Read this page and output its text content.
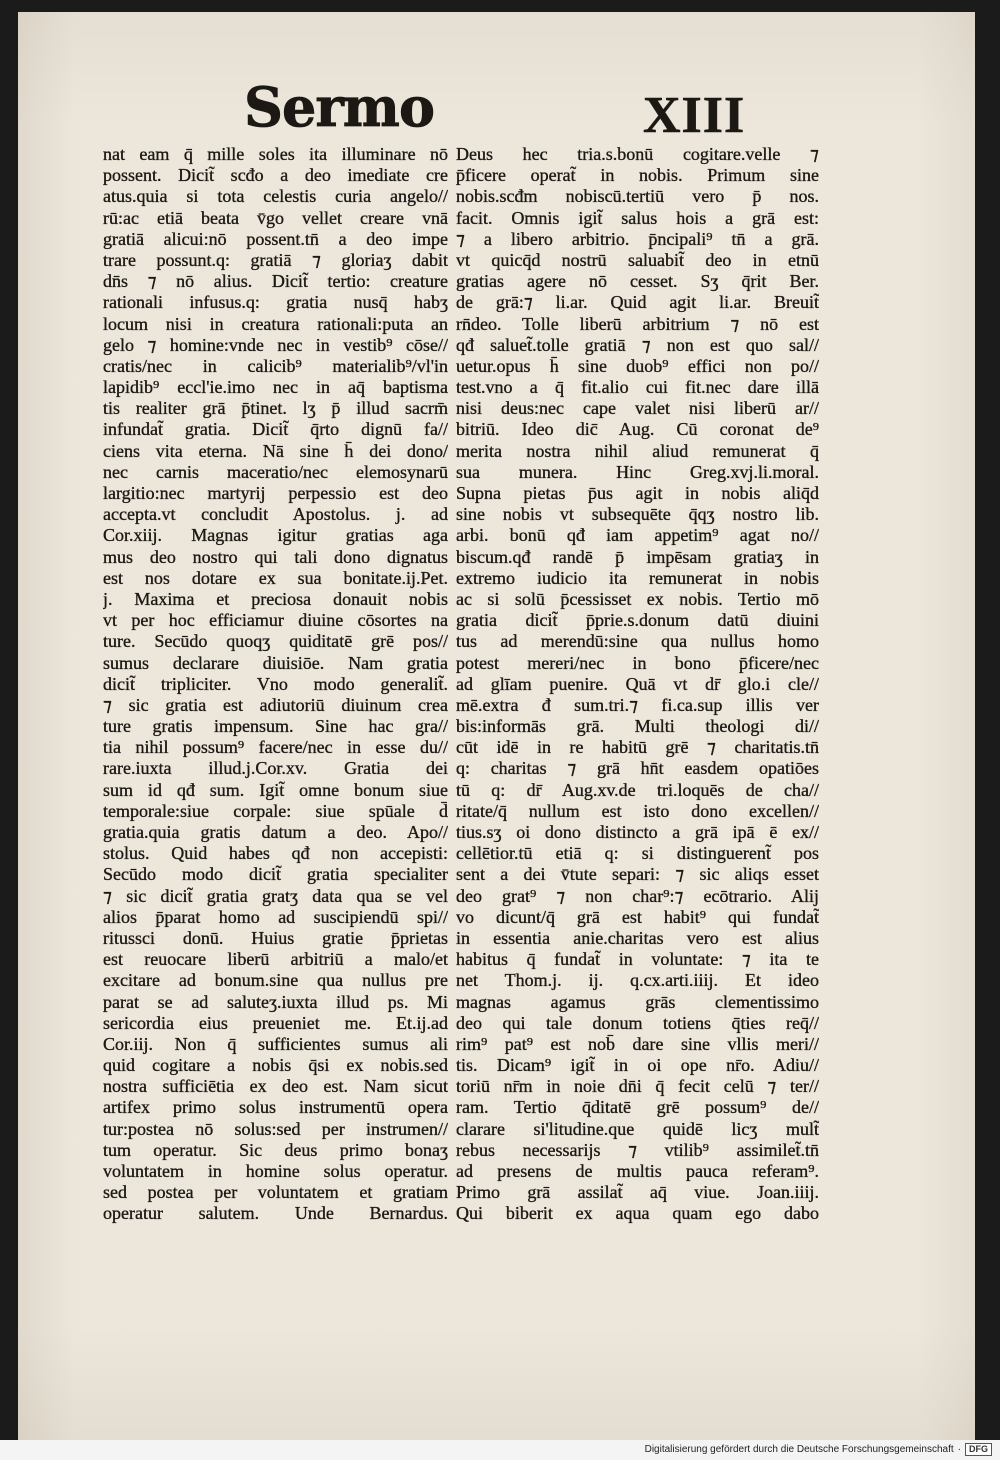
Sermo	XIII
nat eam q̄ mille soles ita illuminare nō
possent. Dicit̃ scđo a deo imediate cre
atus.quia si tota celestis curia angelo//
rū:ac etiā beata v̄go vellet creare vnā
gratiā alicui:nō possent.tn̄ a deo impe
trare possunt.q: gratiā ⁊ gloriaʒ dabit
dn̄s ⁊ nō alius. Dicit̃ tertio: creature
rationali infusus.q: gratia nusq̄ habʒ
locum nisi in creatura rationali:puta an
gelo ⁊ homine:vnde nec in vestib⁹ cōse//
cratis/nec in calicib⁹ materialib⁹/vl'in
lapidib⁹ eccl'ie.imo nec in aq̄ baptisma
tis realiter grā p̄tinet. lʒ p̄ illud sacrm̄
infundat̃ gratia. Dicit̃ q̄rto dignū fa//
ciens vita eterna. Nā sine h̄ dei dono/
nec carnis maceratio/nec elemosynarū
largitio:nec martyrij perpessio est deo
accepta.vt concludit Apostolus. j. ad
Cor.xiij. Magnas igitur gratias aga
mus deo nostro qui tali dono dignatus
est nos dotare ex sua bonitate.ij.Pet.
j. Maxima et preciosa donauit nobis
vt per hoc efficiamur diuine cōsortes na
ture. Secūdo quoqʒ quiditatē grē pos//
sumus declarare diuisiōe. Nam gratia
dicit̃ tripliciter. Vno modo generalit̃.
⁊ sic gratia est adiutoriū diuinum crea
ture gratis impensum. Sine hac gra//
tia nihil possum⁹ facere/nec in esse du//
rare.iuxta illud.j.Cor.xv. Gratia dei
sum id qđ sum. Igit̃ omne bonum siue
temporale:siue corpale: siue spūale d̄
gratia.quia gratis datum a deo. Apo//
stolus. Quid habes qđ non accepisti:
Secūdo modo dicit̃ gratia specialiter
⁊ sic dicit̃ gratia gratʒ data qua se vel
alios p̄parat homo ad suscipiendū spi//
ritussci donū. Huius gratie p̄prietas
est reuocare liberū arbitriū a malo/et
excitare ad bonum.sine qua nullus pre
parat se ad saluteʒ.iuxta illud ps. Mi
sericordia eius preueniet me. Et.ij.ad
Cor.iij. Non q̄ sufficientes sumus ali
quid cogitare a nobis q̄si ex nobis.sed
nostra sufficiētia ex deo est. Nam sicut
artifex primo solus instrumentū opera
tur:postea nō solus:sed per instrumen//
tum operatur. Sic deus primo bonaʒ
voluntatem in homine solus operatur.
sed postea per voluntatem et gratiam
operatur salutem. Unde Bernardus.
Deus hec tria.s.bonū cogitare.velle ⁊
p̄ficere operat̃ in nobis. Primum sine
nobis.scđm nobiscū.tertiū vero p̄ nos.
facit. Omnis igit̃ salus hois a grā est:
⁊ a libero arbitrio. p̄ncipali⁹ tn̄ a grā.
vt quicq̄d nostrū saluabit̃ deo in etnū
gratias agere nō cesset. Sʒ q̄rit Ber.
de grā:⁊ li.ar. Quid agit li.ar. Breuit̃
rn̄deo. Tolle liberū arbitrium ⁊ nō est
qđ saluet̃.tolle gratiā ⁊ non est quo sal//
uetur.opus h̄ sine duob⁹ effici non po//
test.vno a q̄ fit.alio cui fit.nec dare illā
nisi deus:nec cape valet nisi liberū ar//
bitriū. Ideo dic̄ Aug. Cū coronat de⁹
merita nostra nihil aliud remunerat q̄
sua munera. Hinc Greg.xvj.li.moral.
Supna pietas p̄us agit in nobis aliq̄d
sine nobis vt subsequēte q̄qʒ nostro lib.
arbi. bonū qđ iam appetim⁹ agat no//
biscum.qđ randē p̄ impēsam gratiaʒ in
extremo iudicio ita remunerat in nobis
ac si solū p̄cessisset ex nobis. Tertio mō
gratia dicit̃ p̄prie.s.donum datū diuini
tus ad merendū:sine qua nullus homo
potest mereri/nec in bono p̄ficere/nec
ad glīam puenire. Quā vt dr̄ glo.i cle//
mē.extra đ sum.tri.⁊ fi.ca.sup illis ver
bis:informās grā. Multi theologi di//
cūt idē in re habitū grē ⁊ charitatis.tn̄
q: charitas ⁊ grā hn̄t easdem opatiōes
tū q: dr̄ Aug.xv.de tri.loquēs de cha//
ritate/q̄ nullum est isto dono excellen//
tius.sʒ oi dono distincto a grā ipā ē ex//
cellētior.tū etiā q: si distinguerent̃ pos
sent a dei v̄tute separi: ⁊ sic aliqs esset
deo grat⁹ ⁊ non char⁹:⁊ ecōtrario. Alij
vo dicunt/q̄ grā est habit⁹ qui fundat̃
in essentia anie.charitas vero est alius
habitus q̄ fundat̃ in voluntate: ⁊ ita te
net Thom.j. ij. q.cx.arti.iiij. Et ideo
magnas agamus grās clementissimo
deo qui tale donum totiens q̄ties req̄//
rim⁹ pat⁹ est nob̄ dare sine vllis meri//
tis. Dicam⁹ igit̃ in oi ope nr̄o. Adiu//
toriū nr̄m in noie dn̄i q̄ fecit celū ⁊ ter//
ram. Tertio q̄ditatē grē possum⁹ de//
clarare si'litudine.que quidē licʒ mult̃
rebus necessarijs ⁊ vtilib⁹ assimilet̃.tn̄
ad presens de multis pauca referam⁹.
Primo grā assilat̃ aq̄ viue. Joan.iiij.
Qui biberit ex aqua quam ego dabo
Digitalisierung gefördert durch die Deutsche Forschungsgemeinschaft · DFG
